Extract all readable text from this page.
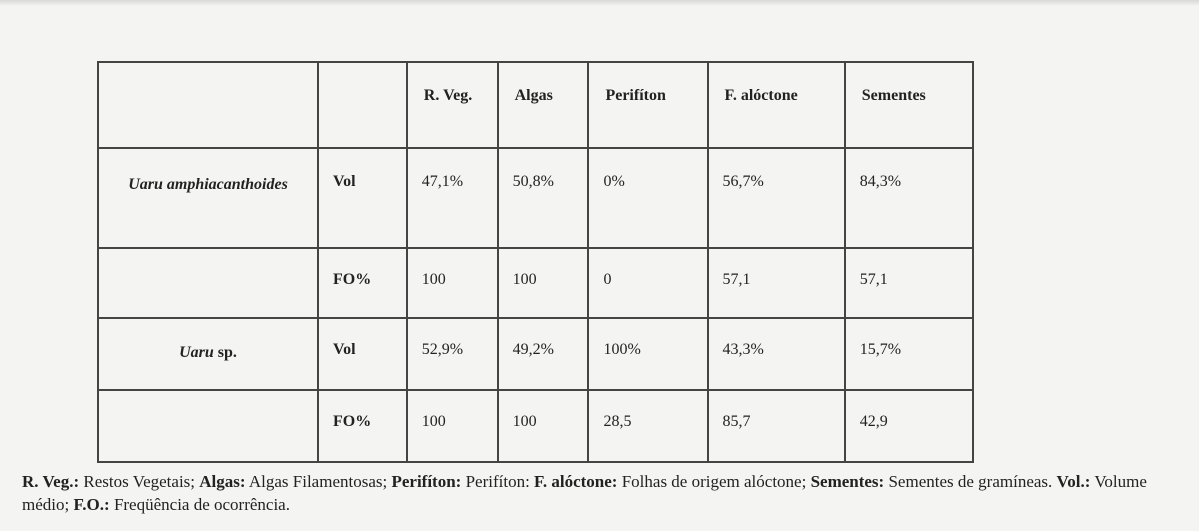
		R. Veg.	Algas	Perifíton	F. alóctone	Sementes
Uaru amphiacanthoides	Vol	47,1%	50,8%	0%	56,7%	84,3%
	FO%	100	100	0	57,1	57,1
Uaru sp.	Vol	52,9%	49,2%	100%	43,3%	15,7%
	FO%	100	100	28,5	85,7	42,9
R. Veg.: Restos Vegetais; Algas: Algas Filamentosas; Perifíton: Perifíton: F. alóctone: Folhas de origem alóctone; Sementes: Sementes de gramíneas. Vol.: Volume médio; F.O.: Freqüência de ocorrência.
